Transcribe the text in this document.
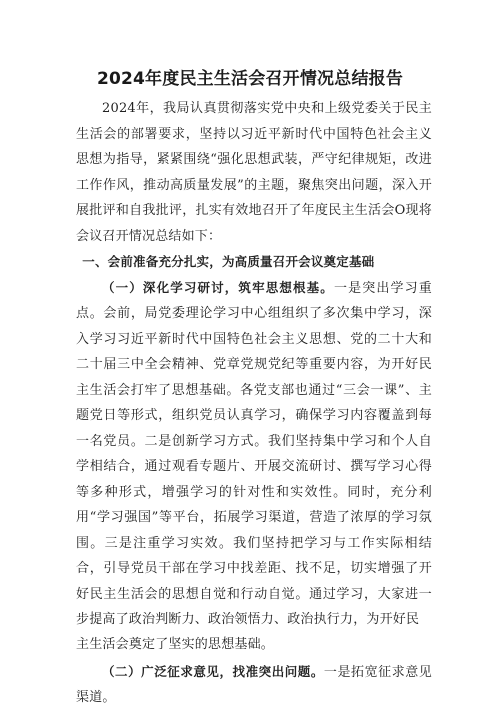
2024年度民主生活会召开情况总结报告

2024年，我局认真贯彻落实党中央和上级党委关于民主生活会的部署要求，坚持以习近平新时代中国特色社会主义思想为指导，紧紧围绕“强化思想武装，严守纪律规矩，改进工作作风，推动高质量发展”的主题，聚焦突出问题，深入开展批评和自我批评，扎实有效地召开了年度民主生活会O现将会议召开情况总结如下：

一、会前准备充分扎实，为高质量召开会议奠定基础

（一）深化学习研讨，筑牢思想根基。一是突出学习重点。会前，局党委理论学习中心组组织了多次集中学习，深入学习习近平新时代中国特色社会主义思想、党的二十大和二十届三中全会精神、党章党规党纪等重要内容，为开好民主生活会打牢了思想基础。各党支部也通过“三会一课”、主题党日等形式，组织党员认真学习，确保学习内容覆盖到每一名党员。二是创新学习方式。我们坚持集中学习和个人自学相结合，通过观看专题片、开展交流研讨、撰写学习心得等多种形式，增强学习的针对性和实效性。同时，充分利用“学习强国”等平台，拓展学习渠道，营造了浓厚的学习氛围。三是注重学习实效。我们坚持把学习与工作实际相结合，引导党员干部在学习中找差距、找不足，切实增强了开好民主生活会的思想自觉和行动自觉。通过学习，大家进一步提高了政治判断力、政治领悟力、政治执行力，为开好民

主生活会奠定了坚实的思想基础。

（二）广泛征求意见，找准突出问题。一是拓宽征求意见渠道。
